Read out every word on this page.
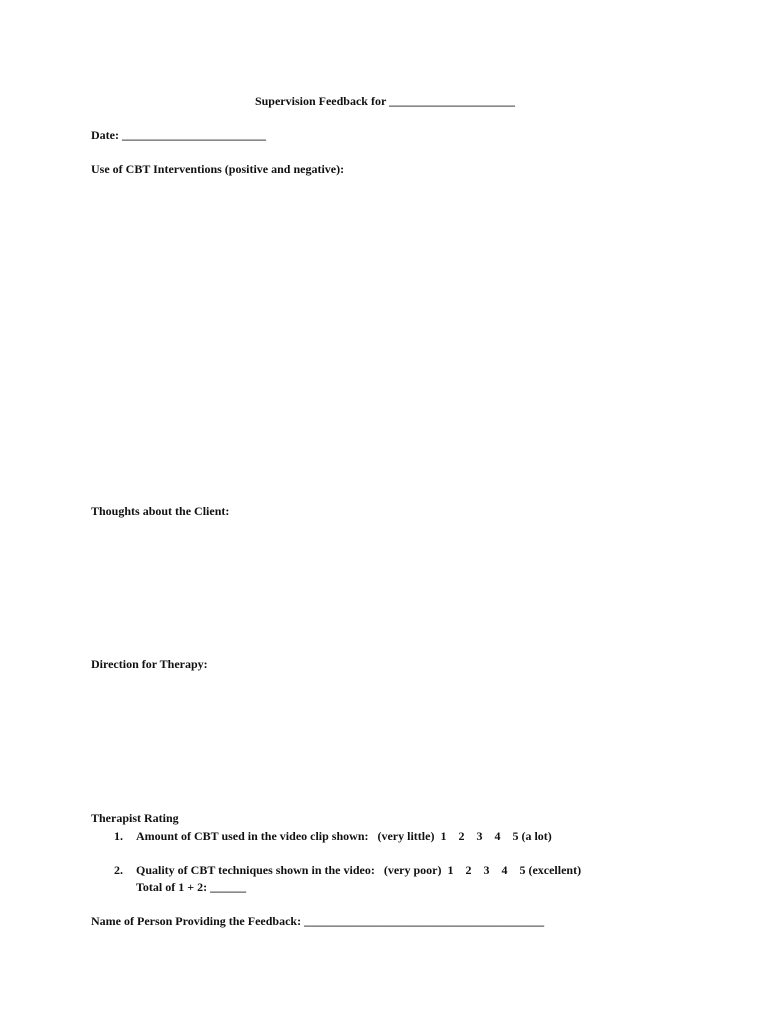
Supervision Feedback for _____________________
Date: ________________________
Use of CBT Interventions (positive and negative):
Thoughts about the Client:
Direction for Therapy:
Therapist Rating
1. Amount of CBT used in the video clip shown:   (very little)  1    2    3    4    5 (a lot)
2. Quality of CBT techniques shown in the video:   (very poor)  1    2    3    4    5 (excellent)
Total of 1 + 2: ______
Name of Person Providing the Feedback: ________________________________________
